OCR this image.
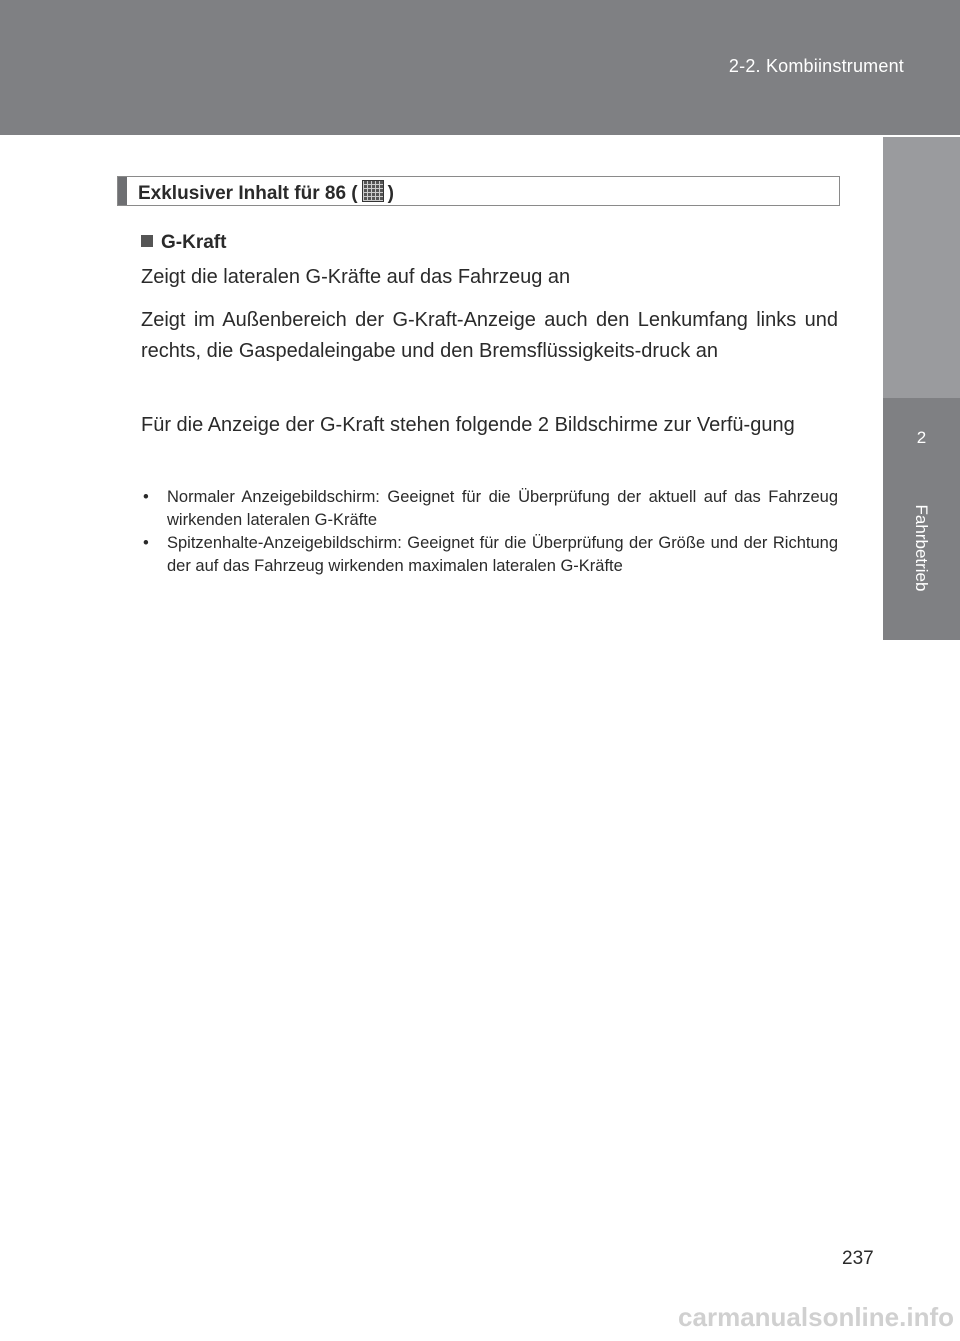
2-2. Kombiinstrument
2
Fahrbetrieb
Exklusiver Inhalt für 86 ( )
G-Kraft

Zeigt die lateralen G-Kräfte auf das Fahrzeug an

Zeigt im Außenbereich der G-Kraft-Anzeige auch den Lenkumfang links und rechts, die Gaspedaleingabe und den Bremsflüssigkeits-druck an

Für die Anzeige der G-Kraft stehen folgende 2 Bildschirme zur Verfü-gung

• Normaler Anzeigebildschirm: Geeignet für die Überprüfung der aktuell auf das Fahrzeug wirkenden lateralen G-Kräfte
• Spitzenhalte-Anzeigebildschirm: Geeignet für die Überprüfung der Größe und der Richtung der auf das Fahrzeug wirkenden maximalen lateralen G-Kräfte
237
carmanualsonline.info
